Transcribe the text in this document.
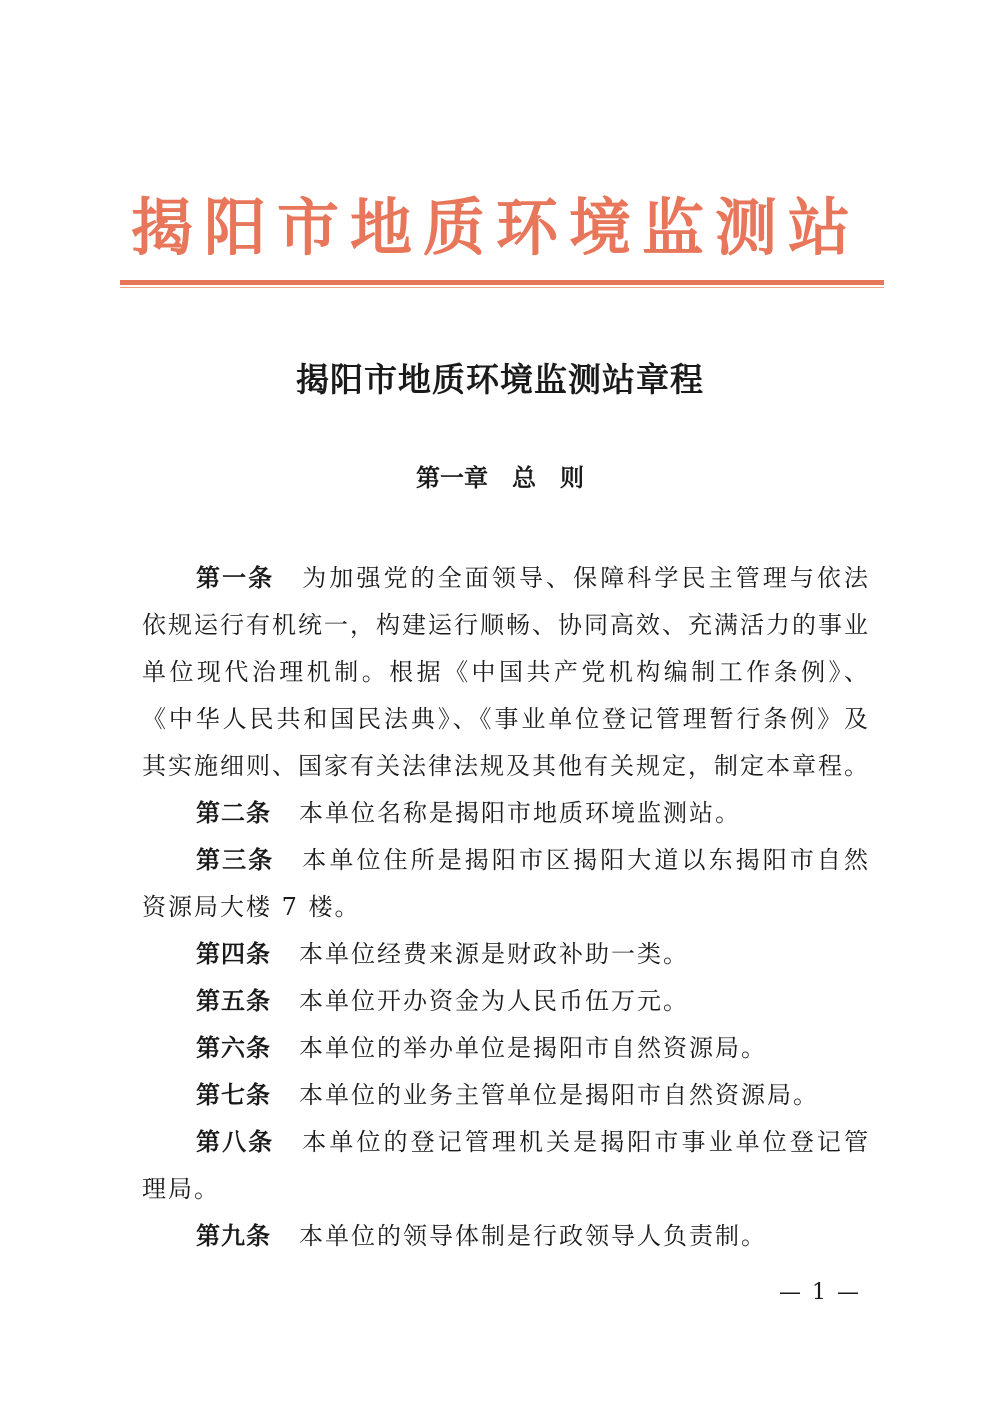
揭阳市地质环境监测站
揭阳市地质环境监测站章程
第一章　总　则

第一条 为加强党的全面领导、保障科学民主管理与依法依规运行有机统一，构建运行顺畅、协同高效、充满活力的事业单位现代治理机制。根据《中国共产党机构编制工作条例》、《中华人民共和国民法典》、《事业单位登记管理暂行条例》及其实施细则、国家有关法律法规及其他有关规定，制定本章程。

第二条 本单位名称是揭阳市地质环境监测站。

第三条 本单位住所是揭阳市区揭阳大道以东揭阳市自然资源局大楼 7 楼。

第四条 本单位经费来源是财政补助一类。

第五条 本单位开办资金为人民币伍万元。

第六条 本单位的举办单位是揭阳市自然资源局。

第七条 本单位的业务主管单位是揭阳市自然资源局。

第八条 本单位的登记管理机关是揭阳市事业单位登记管理局。

第九条 本单位的领导体制是行政领导人负责制。

— 1 —
